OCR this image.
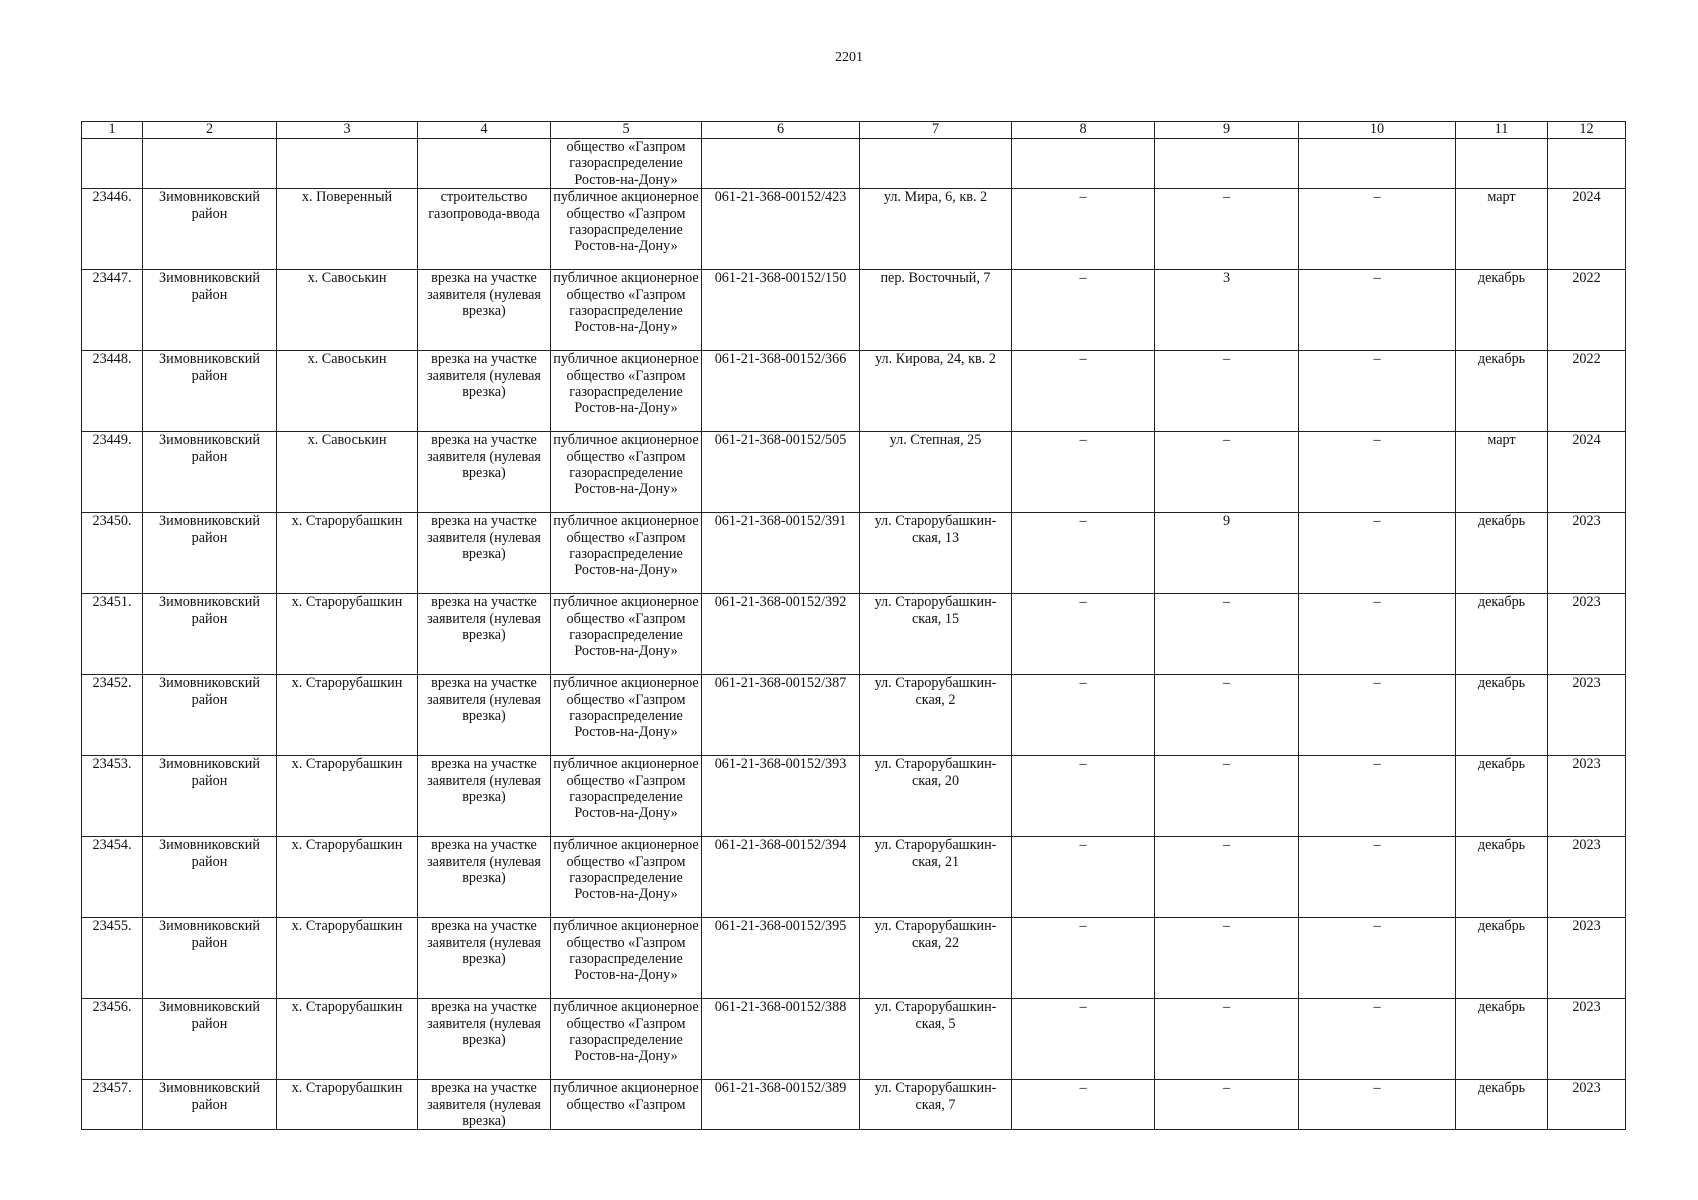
2201
1	2	3	4	5	6	7	8	9	10	11	12
				общество «Газпром газораспределение Ростов-на-Дону»							
23446.	Зимовниковский район	х. Поверенный	строительство газопровода-ввода	публичное акционерное общество «Газпром газораспределение Ростов-на-Дону»	061-21-368-00152/423	ул. Мира, 6, кв. 2	–	–	–	март	2024
23447.	Зимовниковский район	х. Савоськин	врезка на участке заявителя (нулевая врезка)	публичное акционерное общество «Газпром газораспределение Ростов-на-Дону»	061-21-368-00152/150	пер. Восточный, 7	–	3	–	декабрь	2022
23448.	Зимовниковский район	х. Савоськин	врезка на участке заявителя (нулевая врезка)	публичное акционерное общество «Газпром газораспределение Ростов-на-Дону»	061-21-368-00152/366	ул. Кирова, 24, кв. 2	–	–	–	декабрь	2022
23449.	Зимовниковский район	х. Савоськин	врезка на участке заявителя (нулевая врезка)	публичное акционерное общество «Газпром газораспределение Ростов-на-Дону»	061-21-368-00152/505	ул. Степная, 25	–	–	–	март	2024
23450.	Зимовниковский район	х. Старорубашкин	врезка на участке заявителя (нулевая врезка)	публичное акционерное общество «Газпром газораспределение Ростов-на-Дону»	061-21-368-00152/391	ул. Старорубашкин-ская, 13	–	9	–	декабрь	2023
23451.	Зимовниковский район	х. Старорубашкин	врезка на участке заявителя (нулевая врезка)	публичное акционерное общество «Газпром газораспределение Ростов-на-Дону»	061-21-368-00152/392	ул. Старорубашкин-ская, 15	–	–	–	декабрь	2023
23452.	Зимовниковский район	х. Старорубашкин	врезка на участке заявителя (нулевая врезка)	публичное акционерное общество «Газпром газораспределение Ростов-на-Дону»	061-21-368-00152/387	ул. Старорубашкин-ская, 2	–	–	–	декабрь	2023
23453.	Зимовниковский район	х. Старорубашкин	врезка на участке заявителя (нулевая врезка)	публичное акционерное общество «Газпром газораспределение Ростов-на-Дону»	061-21-368-00152/393	ул. Старорубашкин-ская, 20	–	–	–	декабрь	2023
23454.	Зимовниковский район	х. Старорубашкин	врезка на участке заявителя (нулевая врезка)	публичное акционерное общество «Газпром газораспределение Ростов-на-Дону»	061-21-368-00152/394	ул. Старорубашкин-ская, 21	–	–	–	декабрь	2023
23455.	Зимовниковский район	х. Старорубашкин	врезка на участке заявителя (нулевая врезка)	публичное акционерное общество «Газпром газораспределение Ростов-на-Дону»	061-21-368-00152/395	ул. Старорубашкин-ская, 22	–	–	–	декабрь	2023
23456.	Зимовниковский район	х. Старорубашкин	врезка на участке заявителя (нулевая врезка)	публичное акционерное общество «Газпром газораспределение Ростов-на-Дону»	061-21-368-00152/388	ул. Старорубашкин-ская, 5	–	–	–	декабрь	2023
23457.	Зимовниковский район	х. Старорубашкин	врезка на участке заявителя (нулевая врезка)	публичное акционерное общество «Газпром	061-21-368-00152/389	ул. Старорубашкин-ская, 7	–	–	–	декабрь	2023
